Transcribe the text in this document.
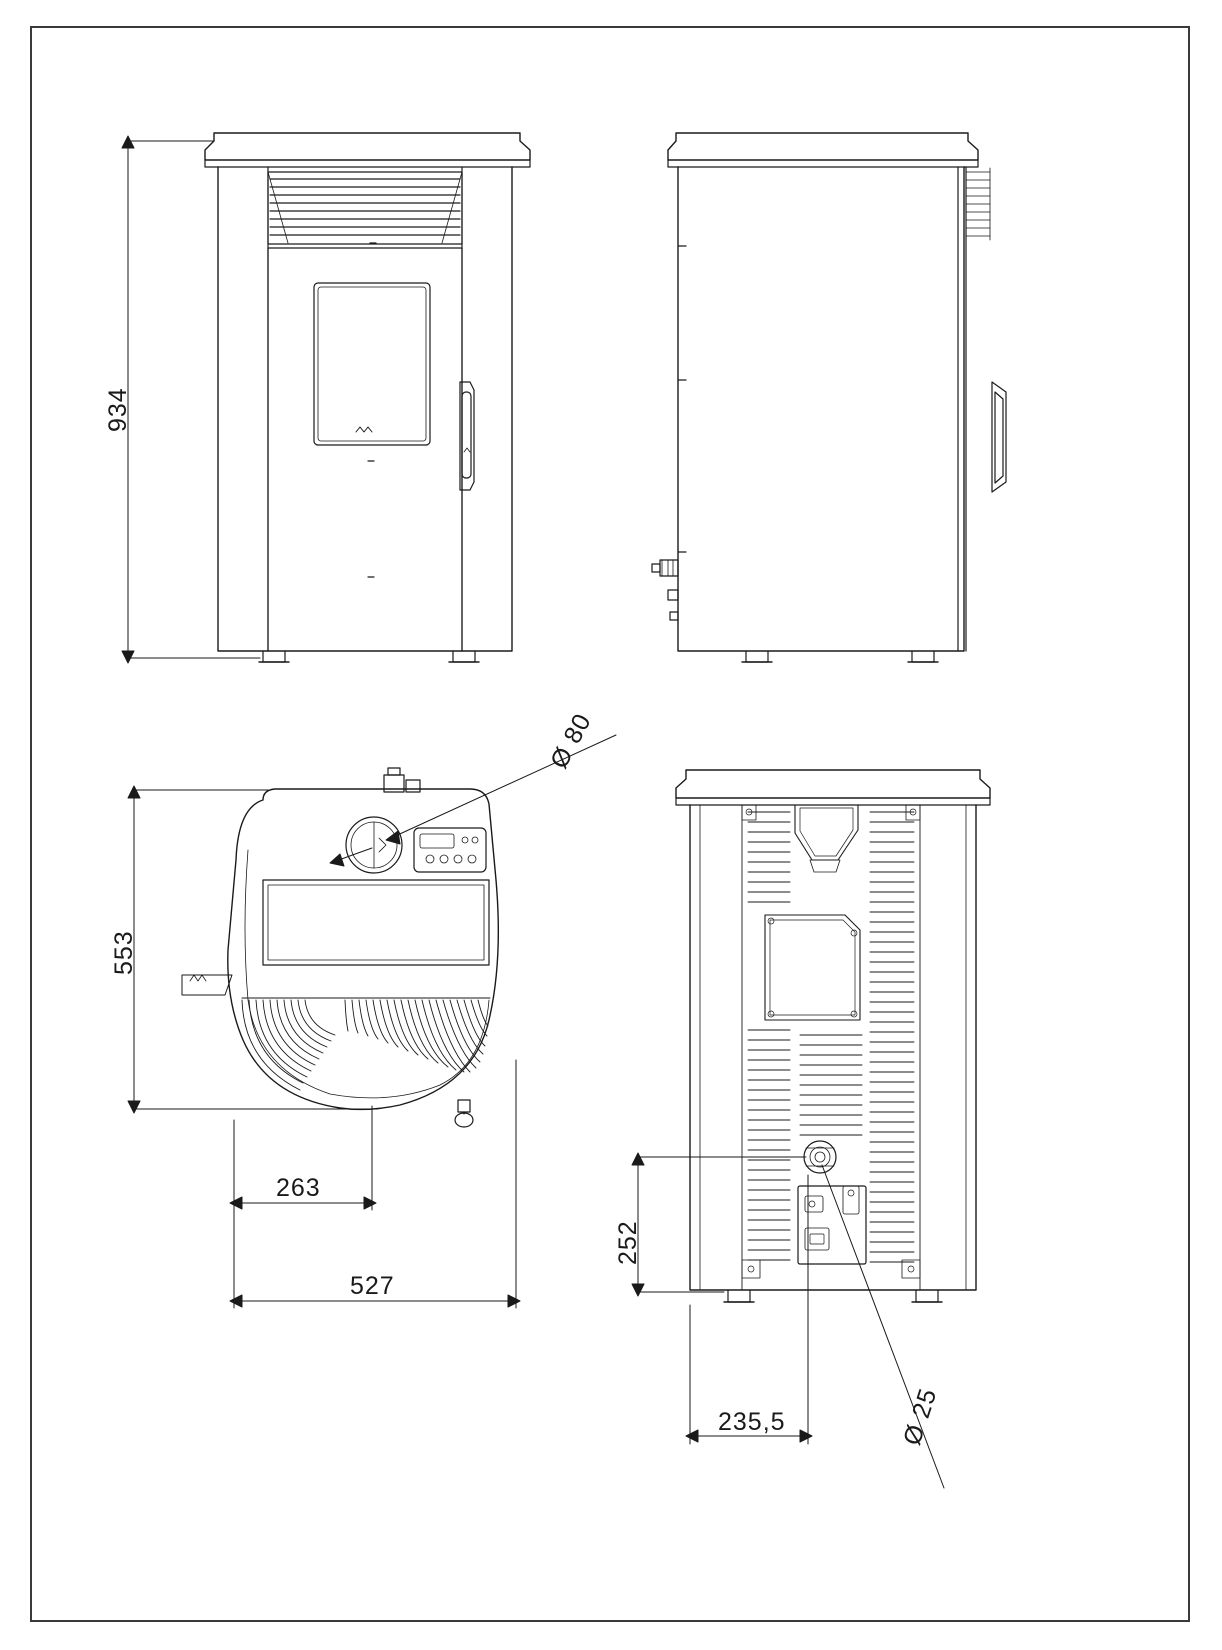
934
553
263
527
Ø 80
252
235,5	Ø 25
